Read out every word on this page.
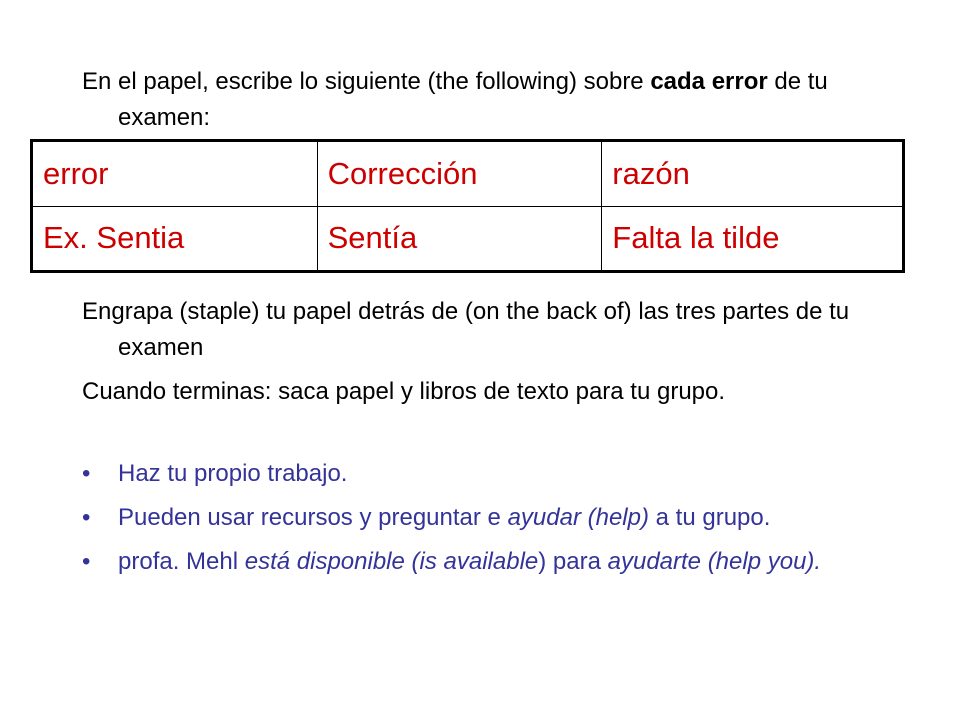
En el papel, escribe lo siguiente (the following) sobre cada error de tu examen:

error	Corrección	razón
Ex. Sentia	Sentía	Falta la tilde

Engrapa (staple) tu papel detrás de (on the back of) las tres partes de tu examen

Cuando terminas: saca papel y libros de texto para tu grupo.

• Haz tu propio trabajo.
• Pueden usar recursos y preguntar e ayudar (help) a tu grupo.
• profa. Mehl está disponible (is available) para ayudarte (help you).
